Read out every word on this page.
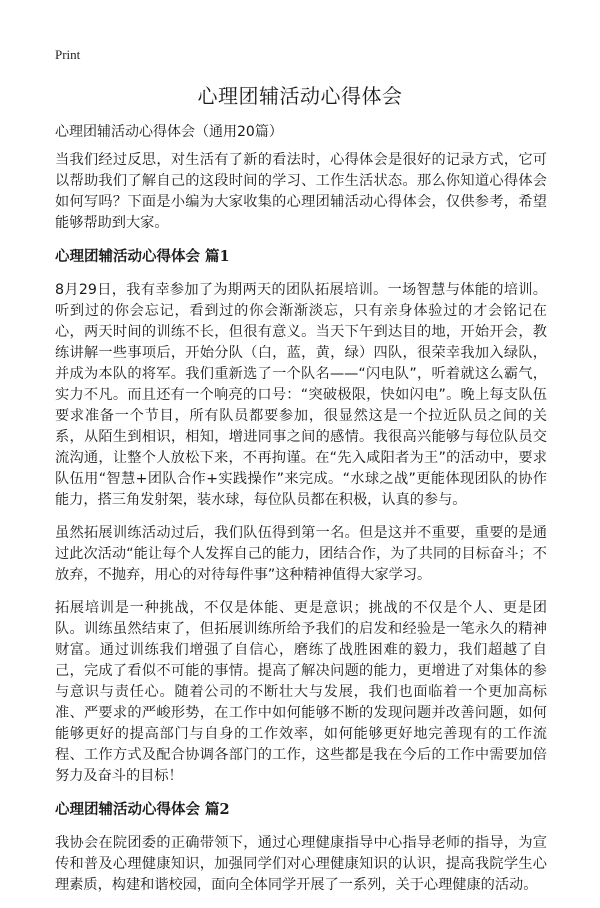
Print
心理团辅活动心得体会
心理团辅活动心得体会（通用20篇）

当我们经过反思，对生活有了新的看法时，心得体会是很好的记录方式，它可以帮助我们了解自己的这段时间的学习、工作生活状态。那么你知道心得体会如何写吗？下面是小编为大家收集的心理团辅活动心得体会，仅供参考，希望能够帮助到大家。

心理团辅活动心得体会 篇1

8月29日，我有幸参加了为期两天的团队拓展培训。一场智慧与体能的培训。听到过的你会忘记，看到过的你会渐渐淡忘，只有亲身体验过的才会铭记在心，两天时间的训练不长，但很有意义。当天下午到达目的地，开始开会，教练讲解一些事项后，开始分队（白，蓝，黄，绿）四队，很荣幸我加入绿队，并成为本队的将军。我们重新选了一个队名——“闪电队”，听着就这么霸气，实力不凡。而且还有一个响亮的口号：“突破极限，快如闪电”。晚上每支队伍要求准备一个节目，所有队员都要参加，很显然这是一个拉近队员之间的关系，从陌生到相识，相知，增进同事之间的感情。我很高兴能够与每位队员交流沟通，让整个人放松下来，不再拘谨。在“先入咸阳者为王”的活动中，要求队伍用“智慧+团队合作+实践操作”来完成。“水球之战”更能体现团队的协作能力，搭三角发射架，装水球，每位队员都在积极，认真的参与。

虽然拓展训练活动过后，我们队伍得到第一名。但是这并不重要，重要的是通过此次活动“能让每个人发挥自己的能力，团结合作，为了共同的目标奋斗；不放弃，不抛弃，用心的对待每件事”这种精神值得大家学习。

拓展培训是一种挑战，不仅是体能、更是意识；挑战的不仅是个人、更是团队。训练虽然结束了，但拓展训练所给予我们的启发和经验是一笔永久的精神财富。通过训练我们增强了自信心，磨练了战胜困难的毅力，我们超越了自己，完成了看似不可能的事情。提高了解决问题的能力，更增进了对集体的参与意识与责任心。随着公司的不断壮大与发展，我们也面临着一个更加高标准、严要求的严峻形势，在工作中如何能够不断的发现问题并改善问题，如何能够更好的提高部门与自身的工作效率，如何能够更好地完善现有的工作流程、工作方式及配合协调各部门的工作，这些都是我在今后的工作中需要加倍努力及奋斗的目标！

心理团辅活动心得体会 篇2

我协会在院团委的正确带领下，通过心理健康指导中心指导老师的指导，为宣传和普及心理健康知识，加强同学们对心理健康知识的认识，提高我院学生心理素质，构建和谐校园，面向全体同学开展了一系列，关于心理健康的活动。
